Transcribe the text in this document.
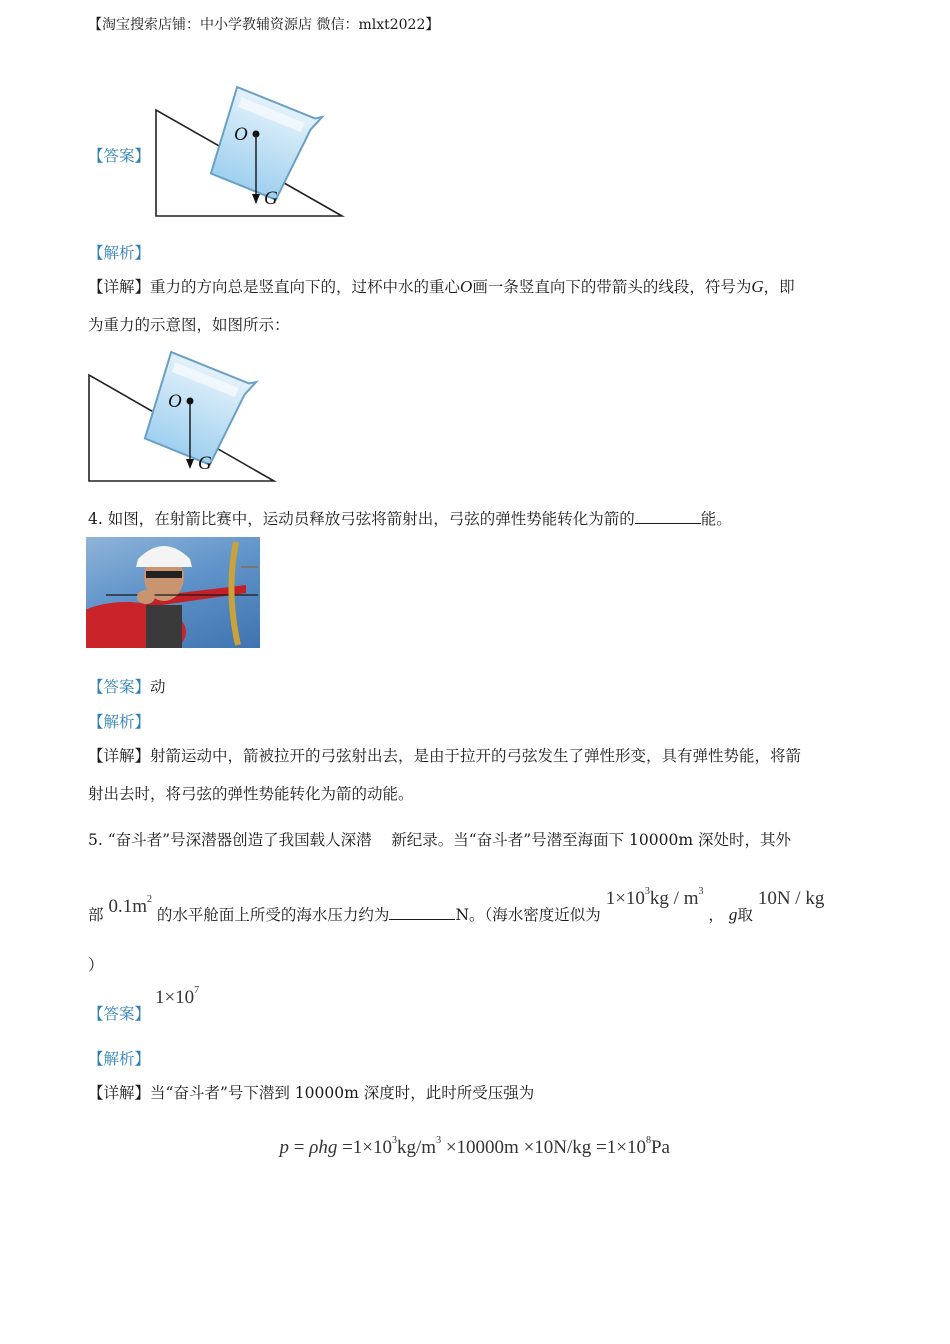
【淘宝搜索店铺：中小学教辅资源店 微信：mlxt2022】
【答案】
O
G
【解析】
【详解】重力的方向总是竖直向下的，过杯中水的重心O画一条竖直向下的带箭头的线段，符号为G，即
为重力的示意图，如图所示：
O
G
4. 如图，在射箭比赛中，运动员释放弓弦将箭射出，弓弦的弹性势能转化为箭的	能。
【答案】动
【解析】
【详解】射箭运动中，箭被拉开的弓弦射出去，是由于拉开的弓弦发生了弹性形变，具有弹性势能，将箭
射出去时，将弓弦的弹性势能转化为箭的动能。
5. “奋斗者”号深潜器创造了我国载人深潜    新纪录。当“奋斗者”号潜至海面下 10000m 深处时，其外
部 $0.1m^2$ 的水平舱面上所受的海水压力约为	N。（海水密度近似为 $1\times 10^3kg / m^3$ ， g取 10N / kg
）
【答案】 $1\times 10^7$
【解析】
【详解】当“奋斗者”号下潜到 10000m 深度时，此时所受压强为

$p = \rho hg =1\times 10^3kg/m^3 \times 10000m \times 10N/kg =1\times 10^8Pa$
